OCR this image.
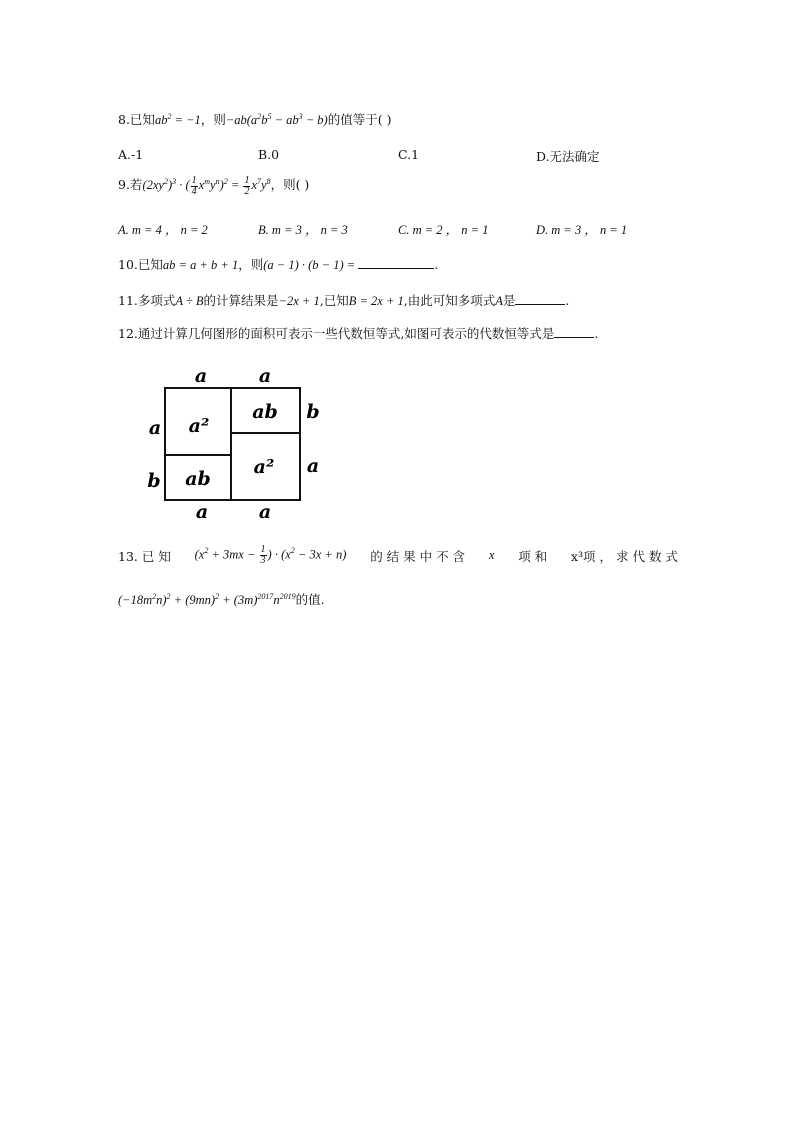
8.已知$ab^2 = -1$，则$-ab(a^2b^5 - ab^3 - b)$的值等于( )
A.-1	B.0	C.1	D.无法确定
9.若$(2xy^2)^3$ · ( $\frac{1}{4} x^my^n)^2 = \frac{1}{2} x^7y^8$，则( )
A. m = 4 ， n = 2	B. m = 3 ， n = 3	C. m = 2 ， n = 1	D. m = 3 ， n = 1
10.已知ab = a + b + 1，则(a − 1) · (b − 1) =	.
11.多项式A ÷ B的计算结果是−2x + 1,已知B = 2x + 1,由此可知多项式A是	.
12.通过计算几何图形的面积可表示一些代数恒等式,如图可表示的代数恒等式是	.
a	a
a	a
a
b
b
a
a²
ab
ab
a²
13. 已 知 ($x^2 + 3mx - \frac{1}{3}$ ) · $(x^2 - 3x + n)$ 的 结 果 中 不 含 x 项 和 x³项 ， 求 代 数 式
$(-18m^2n)^2 + (9mn)^2 + (3m)^{2017}n^{2019}$的值.
